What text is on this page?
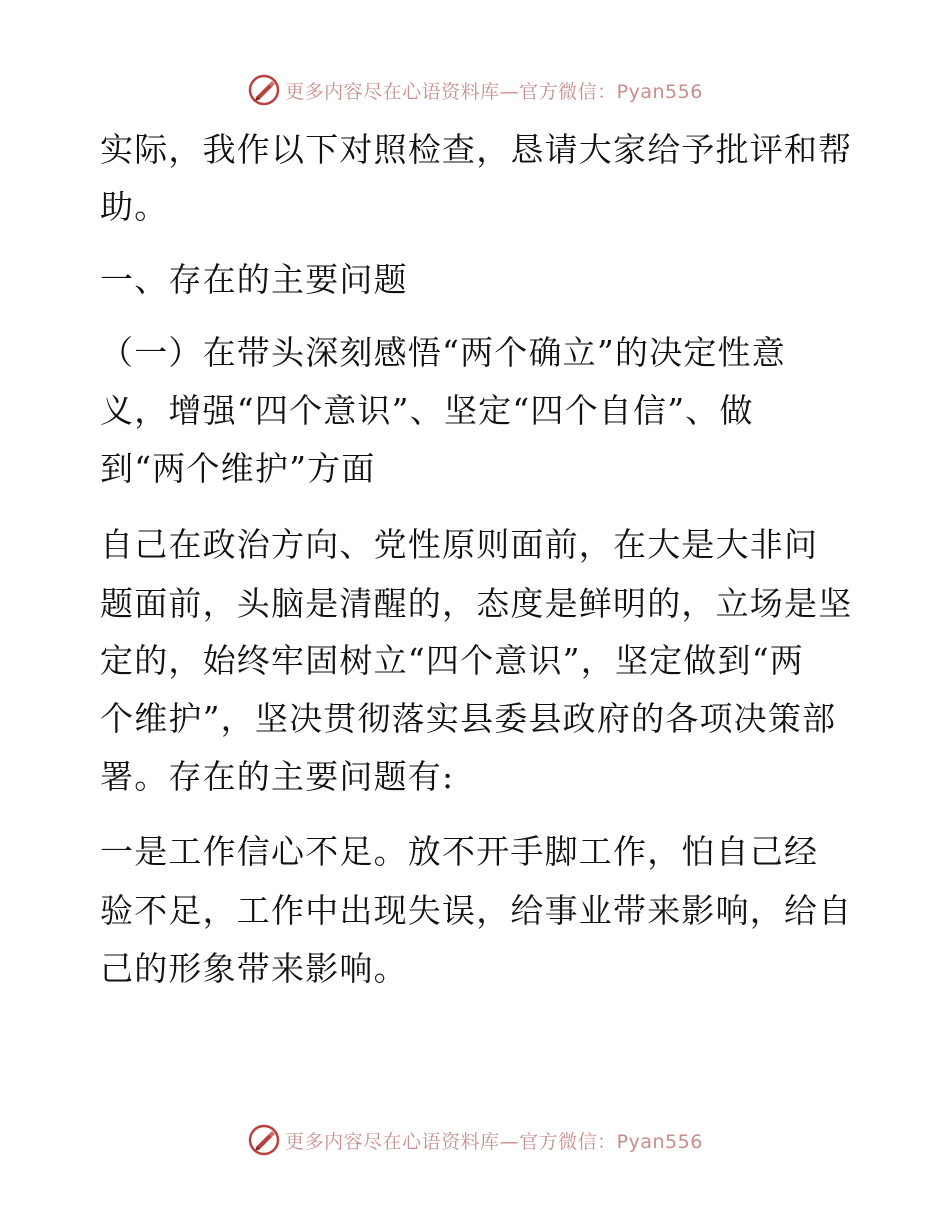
更多内容尽在心语资料库—官方微信：Pyan556
实际，我作以下对照检查，恳请大家给予批评和帮
助。
一、存在的主要问题
（一）在带头深刻感悟“两个确立”的决定性意
义，增强“四个意识”、坚定“四个自信”、做
到“两个维护”方面
自己在政治方向、党性原则面前，在大是大非问
题面前，头脑是清醒的，态度是鲜明的，立场是坚
定的，始终牢固树立“四个意识”，坚定做到“两
个维护”，坚决贯彻落实县委县政府的各项决策部
署。存在的主要问题有:
一是工作信心不足。放不开手脚工作，怕自己经
验不足，工作中出现失误，给事业带来影响，给自
己的形象带来影响。
更多内容尽在心语资料库—官方微信：Pyan556
